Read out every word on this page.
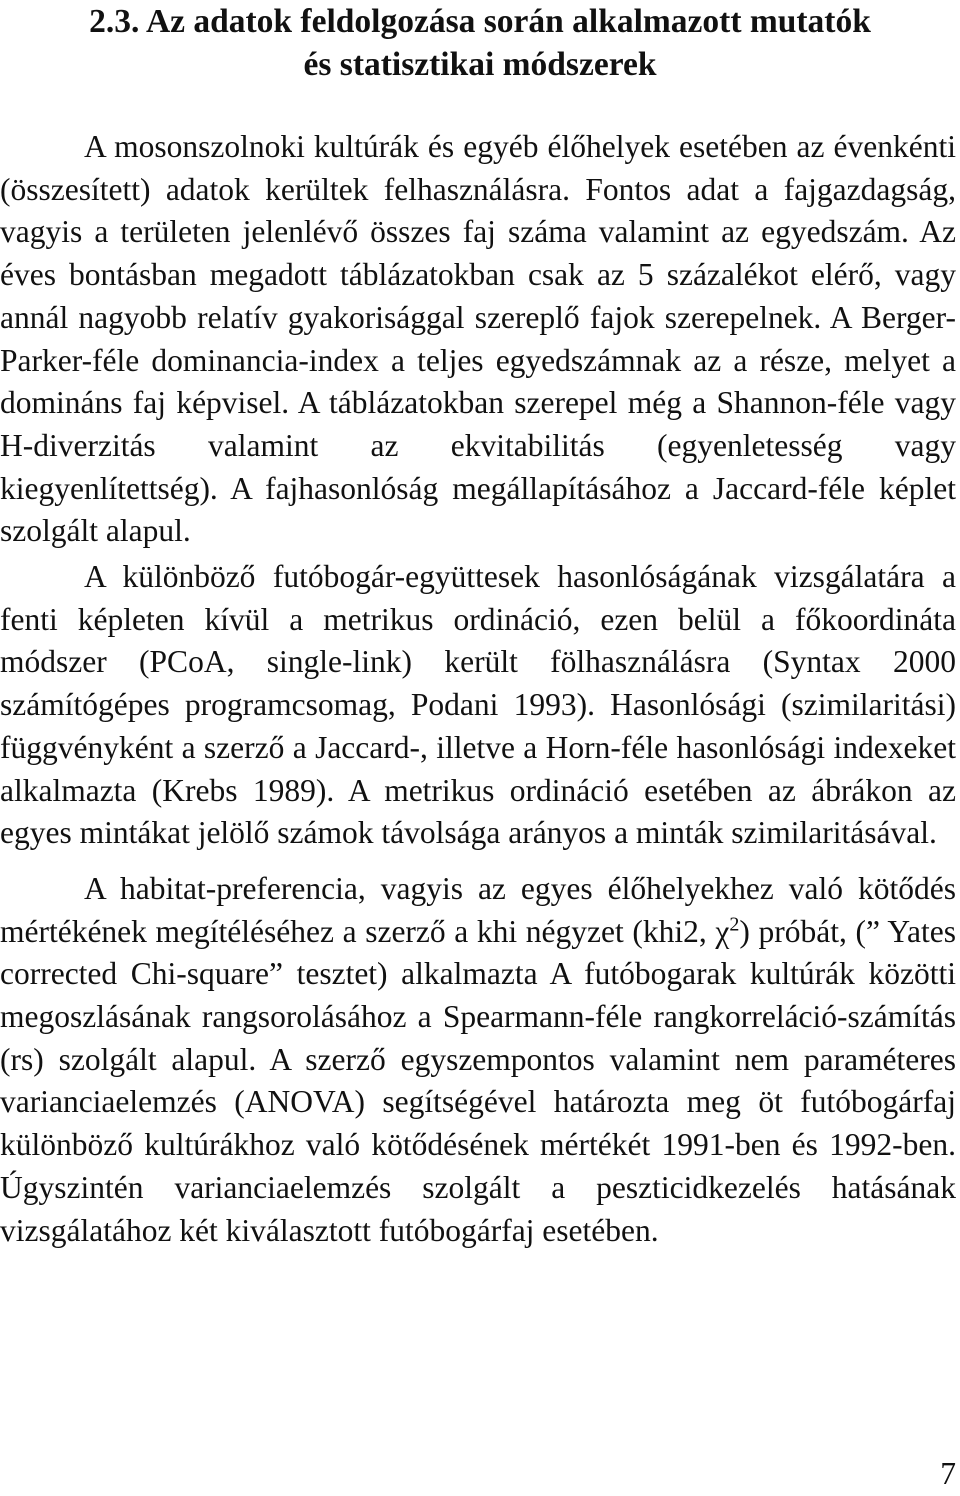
2.3. Az adatok feldolgozása során alkalmazott mutatók
és statisztikai módszerek

A mosonszolnoki kultúrák és egyéb élőhelyek esetében az évenkénti (összesített) adatok kerültek felhasználásra. Fontos adat a fajgazdagság, vagyis a területen jelenlévő összes faj száma valamint az egyedszám. Az éves bontásban megadott táblázatokban csak az 5 százalékot elérő, vagy annál nagyobb relatív gyakorisággal szereplő fajok szerepelnek. A Berger-Parker-féle dominancia-index a teljes egyedszámnak az a része, melyet a domináns faj képvisel. A táblázatokban szerepel még a Shannon-féle vagy H-diverzitás valamint az ekvitabilitás (egyenletesség vagy kiegyenlítettség). A fajhasonlóság megállapításához a Jaccard-féle képlet szolgált alapul.

A különböző futóbogár-együttesek hasonlóságának vizsgálatára a fenti képleten kívül a metrikus ordináció, ezen belül a főkoordináta módszer (PCoA, single-link) került fölhasználásra (Syntax 2000 számítógépes programcsomag, Podani 1993). Hasonlósági (szimilaritási) függvényként a szerző a Jaccard-, illetve a Horn-féle hasonlósági indexeket alkalmazta (Krebs 1989). A metrikus ordináció esetében az ábrákon az egyes mintákat jelölő számok távolsága arányos a minták szimilaritásával.

A habitat-preferencia, vagyis az egyes élőhelyekhez való kötődés mértékének megítéléséhez a szerző a khi négyzet (khi2, $\chi^2$) próbát, (” Yates corrected Chi-square” tesztet) alkalmazta A futóbogarak kultúrák közötti megoszlásának rangsorolásához a Spearmann-féle rangkorreláció-számítás (rs) szolgált alapul. A szerző egyszempontos valamint nem paraméteres varianciaelemzés (ANOVA) segítségével határozta meg öt futóbogárfaj különböző kultúrákhoz való kötődésének mértékét 1991-ben és 1992-ben. Úgyszintén varianciaelemzés szolgált a peszticidkezelés hatásának vizsgálatához két kiválasztott futóbogárfaj esetében.

7
